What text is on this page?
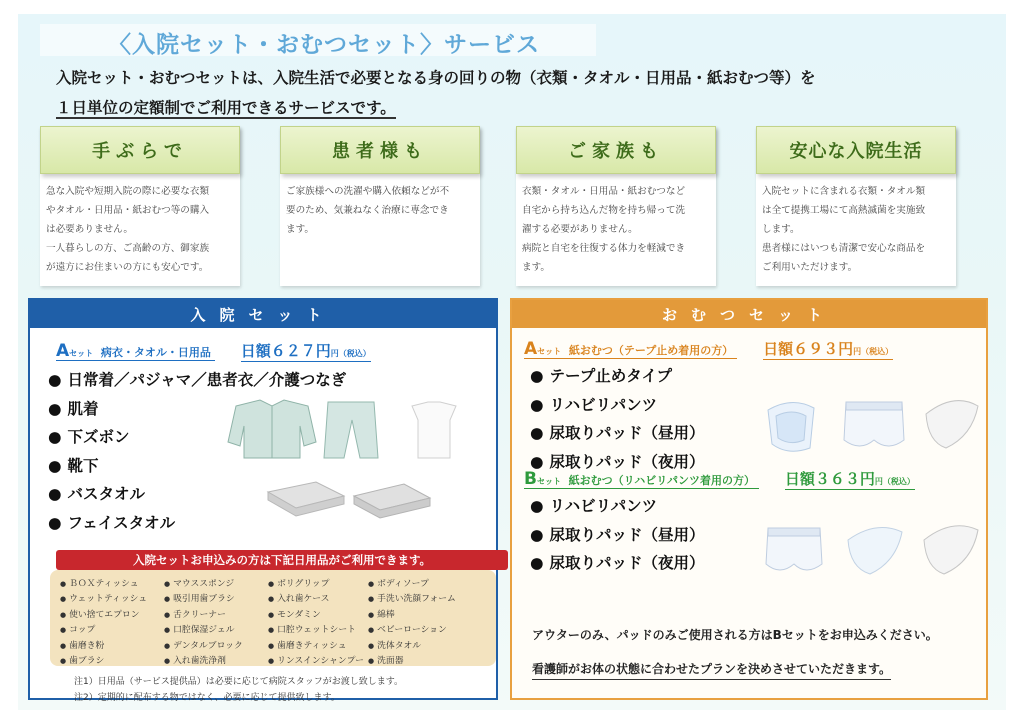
〈入院セット・おむつセット〉サービス
入院セット・おむつセットは、入院生活で必要となる身の回りの物（衣類・タオル・日用品・紙おむつ等）を
１日単位の定額制でご利用できるサービスです。
手ぶらで
急な入院や短期入院の際に必要な衣類
やタオル・日用品・紙おむつ等の購入
は必要ありません。
一人暮らしの方、ご高齢の方、御家族
が遠方にお住まいの方にも安心です。
患者様も
ご家族様への洗濯や購入依頼などが不
要のため、気兼ねなく治療に専念でき
ます。
ご家族も
衣類・タオル・日用品・紙おむつなど
自宅から持ち込んだ物を持ち帰って洗
濯する必要がありません。
病院と自宅を往復する体力を軽減でき
ます。
安心な入院生活
入院セットに含まれる衣類・タオル類
は全て提携工場にて高熱滅菌を実施致
します。
患者様にはいつも清潔で安心な商品を
ご利用いただけます。
入院セット
Aセット 病衣・タオル・日用品 日額６２７円円（税込）
● 日常着／パジャマ／患者衣／介護つなぎ
● 肌着
● 下ズボン
● 靴下
● バスタオル
● フェイスタオル
入院セットお申込みの方は下記日用品がご利用できます。
● ＢＯＸティッシュ	● マウススポンジ	● ボリグリップ	● ボディソープ
● ウェットティッシュ	● 吸引用歯ブラシ	● 入れ歯ケース	● 手洗い洗顔フォーム
● 使い捨てエプロン	● 舌クリーナー	● モンダミン	● 綿棒
● コップ	● 口腔保湿ジェル	● 口腔ウェットシート	● ベビーローション
● 歯磨き粉	● デンタルブロック	● 歯磨きティッシュ	● 洗体タオル
● 歯ブラシ	● 入れ歯洗浄剤	● リンスインシャンプー	● 洗面器
注1）日用品（サービス提供品）は必要に応じて病院スタッフがお渡し致します。
注2）定期的に配布する物ではなく、必要に応じて提供致します。
おむつセット
Aセット 紙おむつ（テープ止め着用の方） 日額６９３円円（税込）
● テープ止めタイプ
● リハビリパンツ
● 尿取りパッド（昼用）
● 尿取りパッド（夜用）
Bセット 紙おむつ（リハビリパンツ着用の方） 日額３６３円円（税込）
● リハビリパンツ
● 尿取りパッド（昼用）
● 尿取りパッド（夜用）
アウターのみ、パッドのみご使用される方はBセットをお申込みください。
看護師がお体の状態に合わせたプランを決めさせていただきます。
